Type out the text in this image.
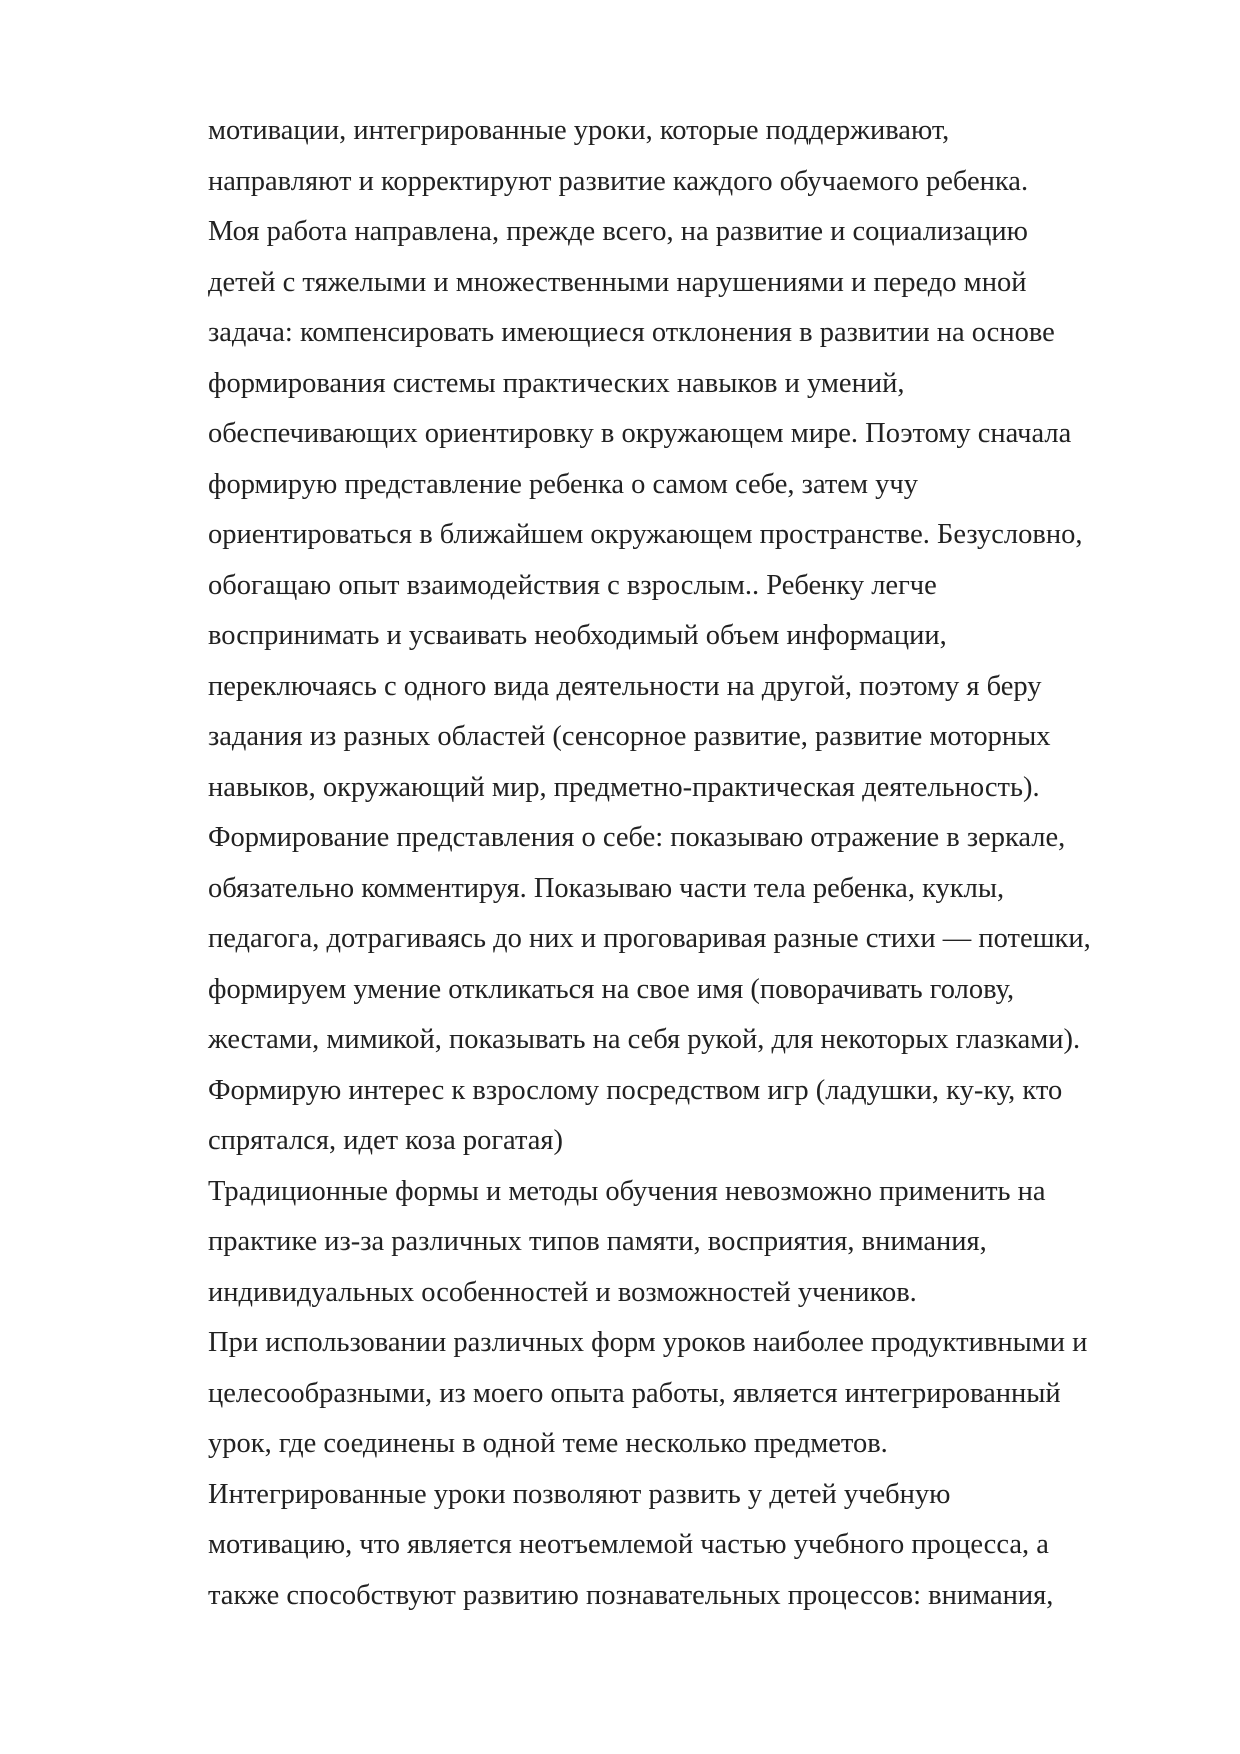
мотивации, интегрированные уроки, которые поддерживают,
направляют и корректируют развитие каждого обучаемого ребенка.
Моя работа направлена, прежде всего, на развитие и социализацию
детей с тяжелыми и множественными нарушениями и передо мной
задача: компенсировать имеющиеся отклонения в развитии на основе
формирования системы практических навыков и умений,
обеспечивающих ориентировку в окружающем мире. Поэтому сначала
формирую представление ребенка о самом себе, затем учу
ориентироваться в ближайшем окружающем пространстве. Безусловно,
обогащаю опыт взаимодействия с взрослым.. Ребенку легче
воспринимать и усваивать необходимый объем информации,
переключаясь с одного вида деятельности на другой, поэтому я беру
задания из разных областей (сенсорное развитие, развитие моторных
навыков, окружающий мир, предметно-практическая деятельность).
Формирование представления о себе: показываю отражение в зеркале,
обязательно комментируя. Показываю части тела ребенка, куклы,
педагога, дотрагиваясь до них и проговаривая разные стихи — потешки,
формируем умение откликаться на свое имя (поворачивать голову,
жестами, мимикой, показывать на себя рукой, для некоторых глазками).
Формирую интерес к взрослому посредством игр (ладушки, ку-ку, кто
спрятался, идет коза рогатая)
Традиционные формы и методы обучения невозможно применить на
практике из-за различных типов памяти, восприятия, внимания,
индивидуальных особенностей и возможностей учеников.
При использовании различных форм уроков наиболее продуктивными и
целесообразными, из моего опыта работы, является интегрированный
урок, где соединены в одной теме несколько предметов.
Интегрированные уроки позволяют развить у детей учебную
мотивацию, что является неотъемлемой частью учебного процесса, а
также способствуют развитию познавательных процессов: внимания,
